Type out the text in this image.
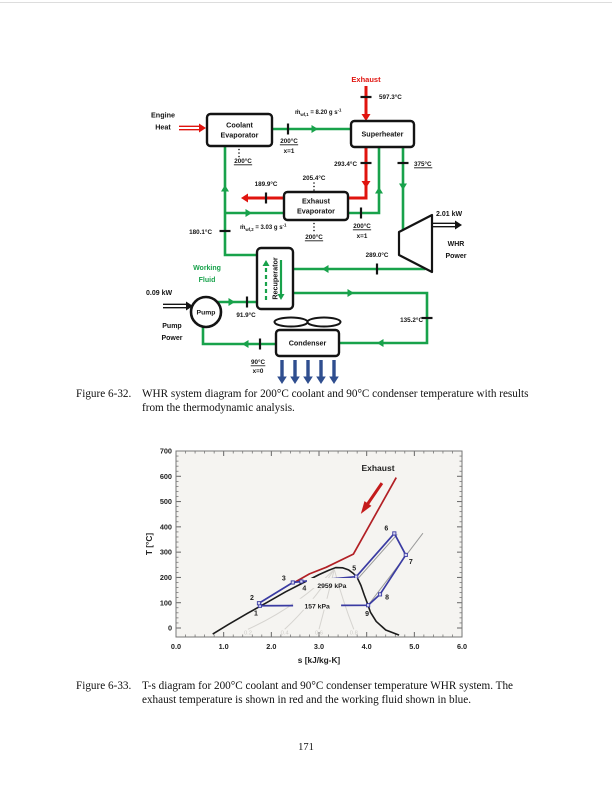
Coolant
Evaporator	Superheater
Exhaust
Evaporator
Condenser
Recuperator
Pump
Exhaust
597.3°C
Engine
Heat
ṁ$_{wf,1}$ = 8.20 g $s^{-1}$
200°C
x=1
200°C	293.4°C	375°C
205.4°C
189.9°C
ṁ$_{wf,2}$ = 3.03 g $s^{-1}$
200°C
200°C
x=1
180.1°C
289.0°C
2.01 kW
WHR
Power
Working
Fluid
0.09 kW
Pump
Power
91.9°C
135.2°C
90°C
x=0
Figure 6-32. WHR system diagram for 200°C coolant and 90°C condenser temperature with results from the thermodynamic analysis.
0.2	0.4	0.6	0.8
1
2
3
4
5
6
7
8
9
157 kPa
2959 kPa
Exhaust
0
100
200
300
400
500
600
700
0.0	1.0	2.0	3.0	4.0	5.0	6.0
T [°C]
s [kJ/kg-K]
Figure 6-33. T-s diagram for 200°C coolant and 90°C condenser temperature WHR system. The exhaust temperature is shown in red and the working fluid shown in blue.
171
